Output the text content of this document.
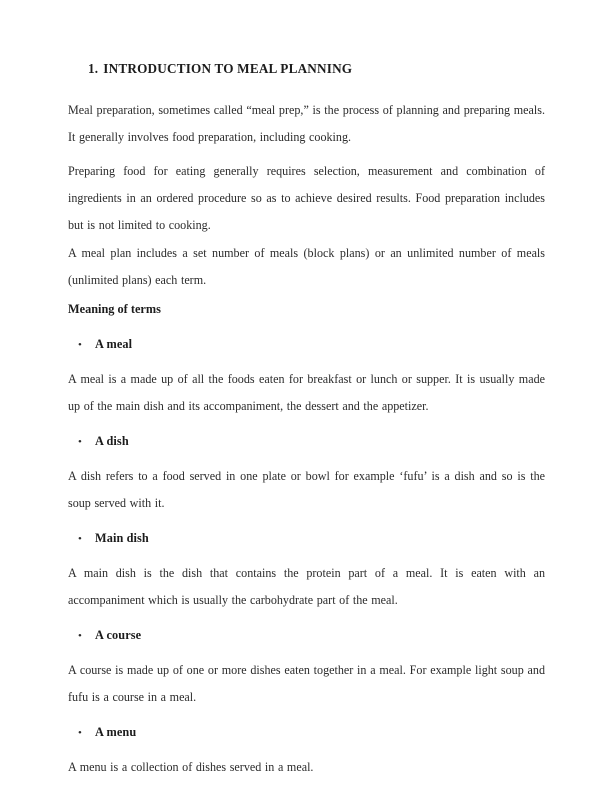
1. INTRODUCTION TO MEAL PLANNING

Meal preparation, sometimes called “meal prep,” is the process of planning and preparing meals. It generally involves food preparation, including cooking.

Preparing food for eating generally requires selection, measurement and combination of ingredients in an ordered procedure so as to achieve desired results. Food preparation includes but is not limited to cooking.

A meal plan includes a set number of meals (block plans) or an unlimited number of meals (unlimited plans) each term.

Meaning of terms
•	A meal

A meal is a made up of all the foods eaten for breakfast or lunch or supper. It is usually made up of the main dish and its accompaniment, the dessert and the appetizer.

•	A dish

A dish refers to a food served in one plate or bowl for example ‘fufu’ is a dish and so is the soup served with it.

•	Main dish

A main dish is the dish that contains the protein part of a meal. It is eaten with an accompaniment which is usually the carbohydrate part of the meal.

•	A course

A course is made up of one or more dishes eaten together in a meal. For example light soup and fufu is a course in a meal.

•	A menu

A menu is a collection of dishes served in a meal.
